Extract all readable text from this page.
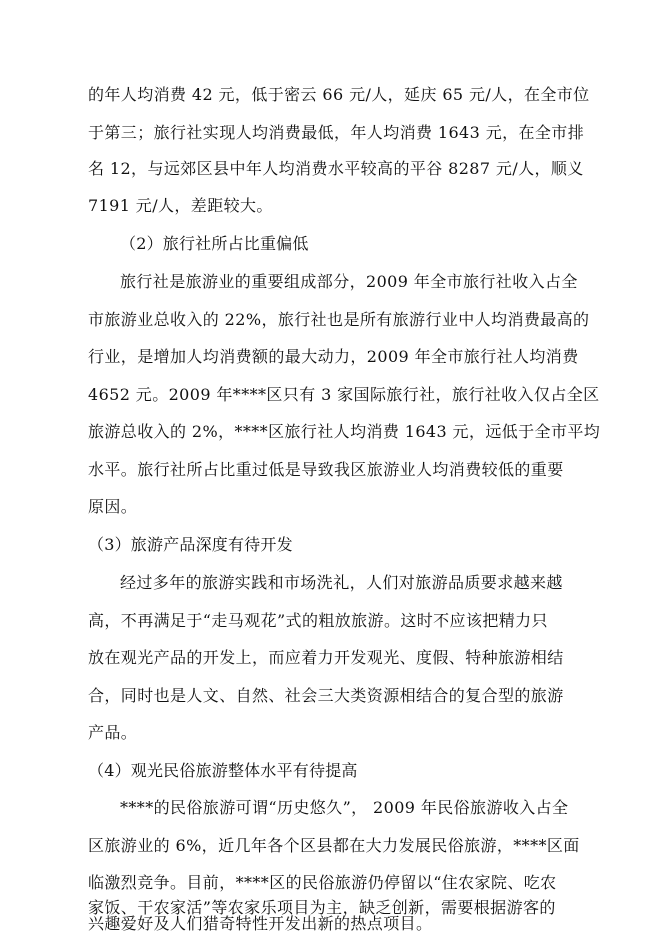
的年人均消费 42 元，低于密云 66 元/人，延庆 65 元/人，在全市位
于第三；旅行社实现人均消费最低，年人均消费 1643 元，在全市排
名 12，与远郊区县中年人均消费水平较高的平谷 8287 元/人，顺义
7191 元/人，差距较大。
（2）旅行社所占比重偏低
旅行社是旅游业的重要组成部分，2009 年全市旅行社收入占全
市旅游业总收入的 22%，旅行社也是所有旅游行业中人均消费最高的
行业，是增加人均消费额的最大动力，2009 年全市旅行社人均消费
4652 元。2009 年****区只有 3 家国际旅行社，旅行社收入仅占全区
旅游总收入的 2%，****区旅行社人均消费 1643 元，远低于全市平均
水平。旅行社所占比重过低是导致我区旅游业人均消费较低的重要
原因。
（3）旅游产品深度有待开发
经过多年的旅游实践和市场洗礼，人们对旅游品质要求越来越
高，不再满足于“走马观花”式的粗放旅游。这时不应该把精力只
放在观光产品的开发上，而应着力开发观光、度假、特种旅游相结
合，同时也是人文、自然、社会三大类资源相结合的复合型的旅游
产品。
（4）观光民俗旅游整体水平有待提高
****的民俗旅游可谓“历史悠久”， 2009 年民俗旅游收入占全
区旅游业的 6%，近几年各个区县都在大力发展民俗旅游，****区面
临激烈竞争。目前，****区的民俗旅游仍停留以“住农家院、吃农
家饭、干农家活”等农家乐项目为主，缺乏创新，需要根据游客的
兴趣爱好及人们猎奇特性开发出新的热点项目。
